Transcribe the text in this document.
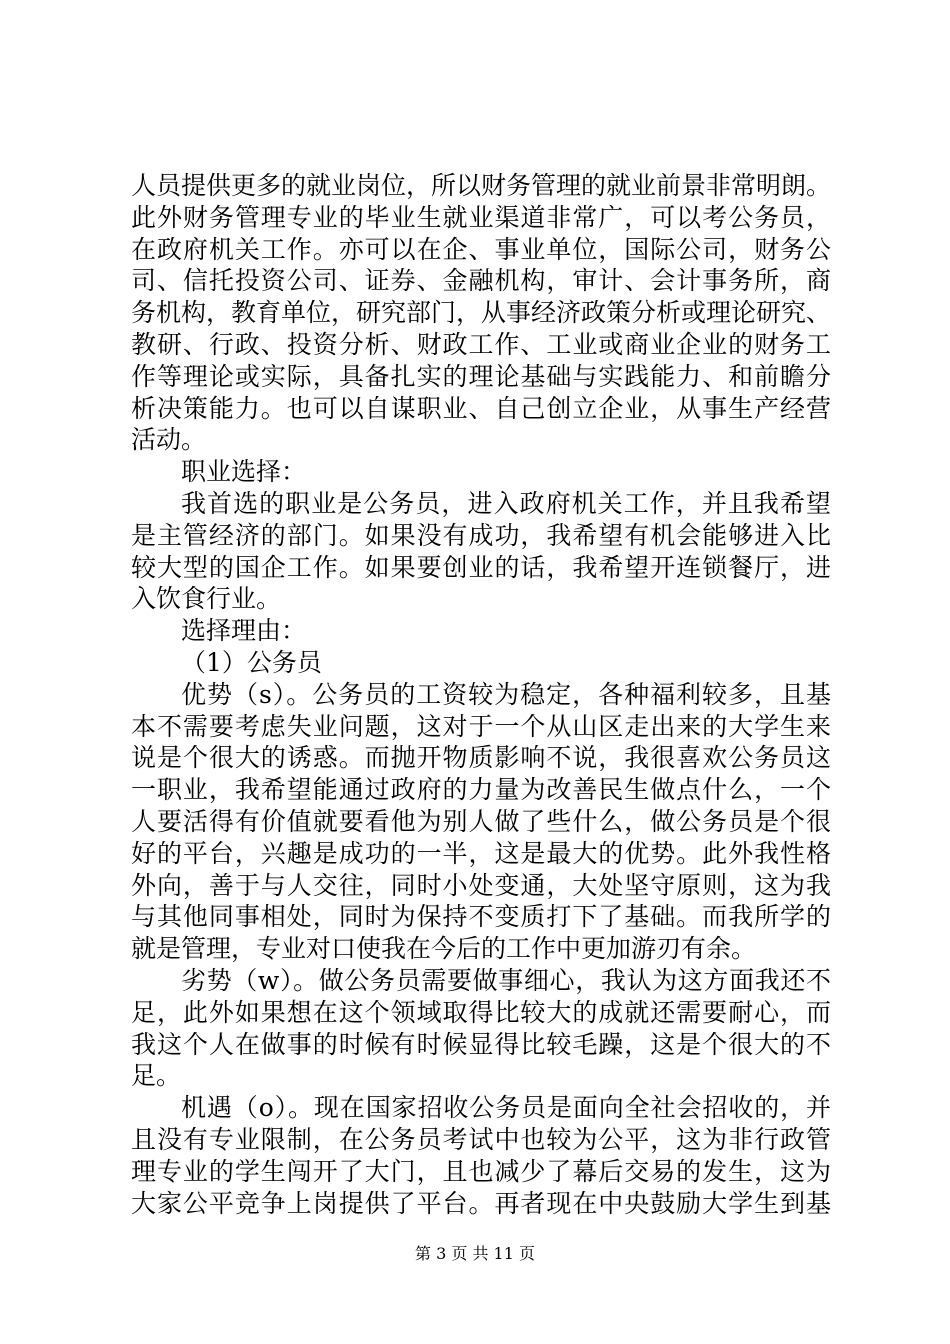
人员提供更多的就业岗位，所以财务管理的就业前景非常明朗。
此外财务管理专业的毕业生就业渠道非常广，可以考公务员，
在政府机关工作。亦可以在企、事业单位，国际公司，财务公
司、信托投资公司、证券、金融机构，审计、会计事务所，商
务机构，教育单位，研究部门，从事经济政策分析或理论研究、
教研、行政、投资分析、财政工作、工业或商业企业的财务工
作等理论或实际，具备扎实的理论基础与实践能力、和前瞻分
析决策能力。也可以自谋职业、自己创立企业，从事生产经营
活动。
职业选择：
我首选的职业是公务员，进入政府机关工作，并且我希望
是主管经济的部门。如果没有成功，我希望有机会能够进入比
较大型的国企工作。如果要创业的话，我希望开连锁餐厅，进
入饮食行业。
选择理由：
（1）公务员
优势（s）。公务员的工资较为稳定，各种福利较多，且基
本不需要考虑失业问题，这对于一个从山区走出来的大学生来
说是个很大的诱惑。而抛开物质影响不说，我很喜欢公务员这
一职业，我希望能通过政府的力量为改善民生做点什么，一个
人要活得有价值就要看他为别人做了些什么，做公务员是个很
好的平台，兴趣是成功的一半，这是最大的优势。此外我性格
外向，善于与人交往，同时小处变通，大处坚守原则，这为我
与其他同事相处，同时为保持不变质打下了基础。而我所学的
就是管理，专业对口使我在今后的工作中更加游刃有余。
劣势（w）。做公务员需要做事细心，我认为这方面我还不
足，此外如果想在这个领域取得比较大的成就还需要耐心，而
我这个人在做事的时候有时候显得比较毛躁，这是个很大的不
足。
机遇（o）。现在国家招收公务员是面向全社会招收的，并
且没有专业限制，在公务员考试中也较为公平，这为非行政管
理专业的学生闯开了大门，且也减少了幕后交易的发生，这为
大家公平竞争上岗提供了平台。再者现在中央鼓励大学生到基
第 3 页 共 11 页
